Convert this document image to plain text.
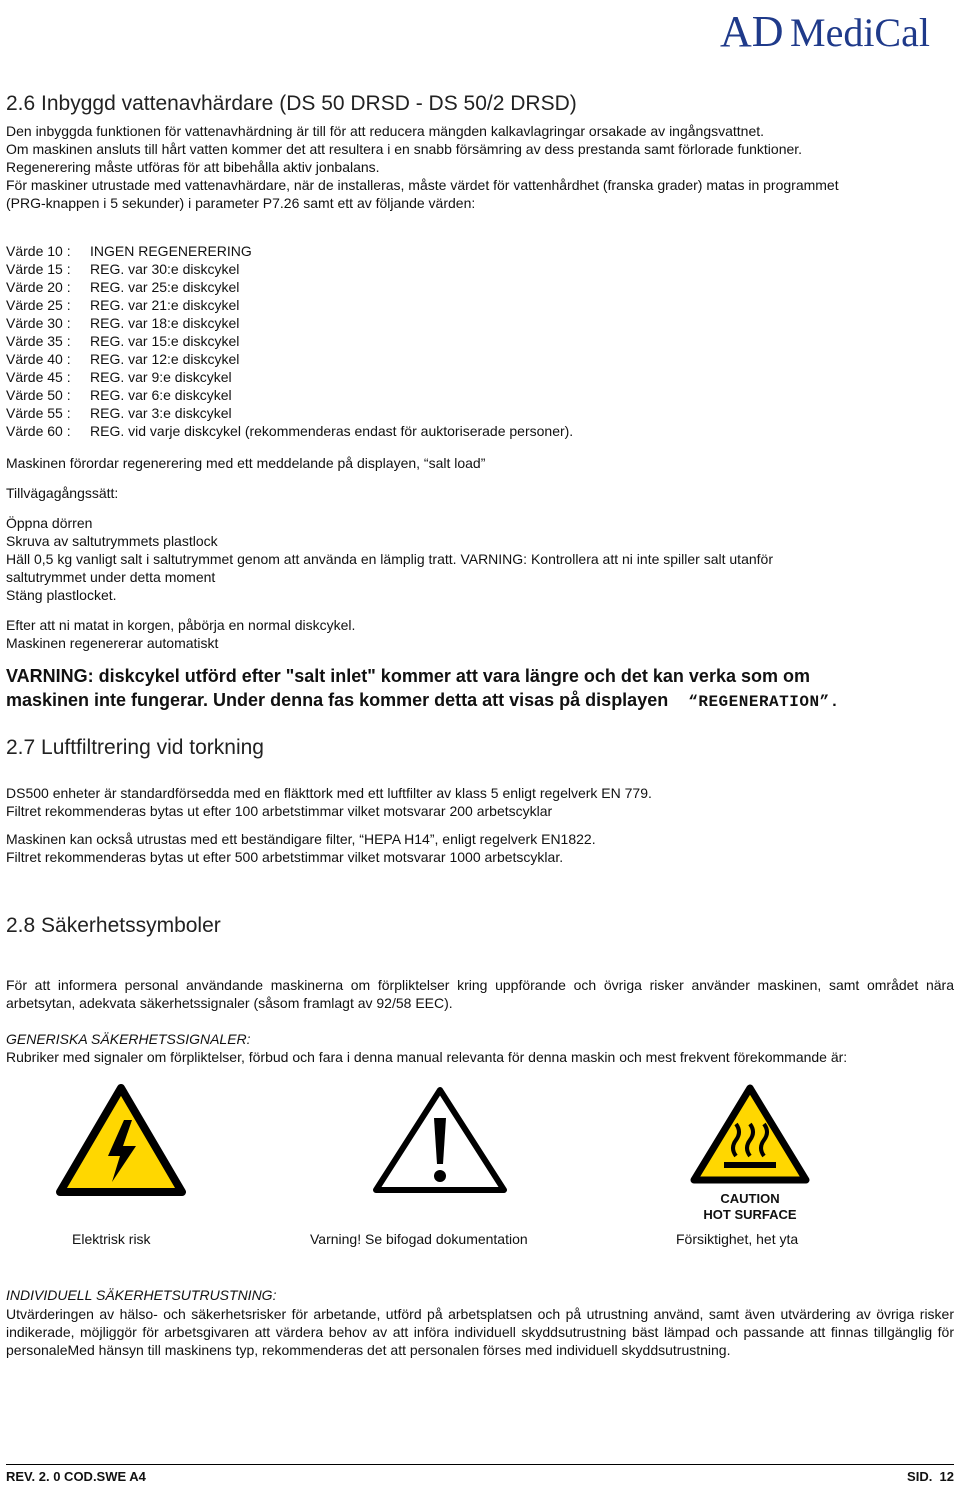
AD MediCal
2.6 Inbyggd vattenavhärdare (DS 50 DRSD - DS 50/2 DRSD)

Den inbyggda funktionen för vattenavhärdning är till för att reducera mängden kalkavlagringar orsakade av ingångsvattnet.

Om maskinen ansluts till hårt vatten kommer det att resultera i en snabb försämring av dess prestanda samt förlorade funktioner.

Regenerering måste utföras för att bibehålla aktiv jonbalans.

För maskiner utrustade med vattenavhärdare, när de installeras, måste värdet för vattenhårdhet (franska grader) matas in programmet

(PRG-knappen i 5 sekunder) i parameter P7.26 samt ett av följande värden:

Värde 10 : INGEN REGENERERING
Värde 15 : REG. var 30:e diskcykel
Värde 20 : REG. var 25:e diskcykel
Värde 25 : REG. var 21:e diskcykel
Värde 30 : REG. var 18:e diskcykel
Värde 35 : REG. var 15:e diskcykel
Värde 40 : REG. var 12:e diskcykel
Värde 45 : REG. var 9:e diskcykel
Värde 50 : REG. var 6:e diskcykel
Värde 55 : REG. var 3:e diskcykel
Värde 60 : REG. vid varje diskcykel (rekommenderas endast för auktoriserade personer).

Maskinen förordar regenerering med ett meddelande på displayen, “salt load”

Tillvägagångssätt:

Öppna dörren

Skruva av saltutrymmets plastlock

Häll 0,5 kg vanligt salt i saltutrymmet genom att använda en lämplig tratt. VARNING: Kontrollera att ni inte spiller salt utanför

saltutrymmet under detta moment

Stäng plastlocket.

Efter att ni matat in korgen, påbörja en normal diskcykel.

Maskinen regenererar automatiskt

VARNING: diskcykel utförd efter "salt inlet" kommer att vara längre och det kan verka som om
maskinen inte fungerar. Under denna fas kommer detta att visas på displayen “REGENERATION”.
2.7 Luftfiltrering vid torkning

DS500 enheter är standardförsedda med en fläkttork med ett luftfilter av klass 5 enligt regelverk EN 779.

Filtret rekommenderas bytas ut efter 100 arbetstimmar vilket motsvarar 200 arbetscyklar

Maskinen kan också utrustas med ett beständigare filter, “HEPA H14”, enligt regelverk EN1822.

Filtret rekommenderas bytas ut efter 500 arbetstimmar vilket motsvarar 1000 arbetscyklar.

2.8 Säkerhetssymboler

För att informera personal användande maskinerna om förpliktelser kring uppförande och övriga risker använder maskinen, samt området nära arbetsytan, adekvata säkerhetssignaler (såsom framlagt av 92/58 EEC).

GENERISKA SÄKERHETSSIGNALER:

Rubriker med signaler om förpliktelser, förbud och fara i denna manual relevanta för denna maskin och mest frekvent förekommande är:

CAUTION
HOT SURFACE

Elektrisk risk	Varning! Se bifogad dokumentation	Försiktighet, het yta

INDIVIDUELL SÄKERHETSUTRUSTNING:

Utvärderingen av hälso- och säkerhetsrisker för arbetande, utförd på arbetsplatsen och på utrustning använd, samt även utvärdering av övriga risker indikerade, möjliggör för arbetsgivaren att värdera behov av att införa individuell skyddsutrustning bäst lämpad och passande att finnas tillgänglig för personaleMed hänsyn till maskinens typ, rekommenderas det att personalen förses med individuell skyddsutrustning.

REV. 2. 0 COD.SWE A4	SID.  12
